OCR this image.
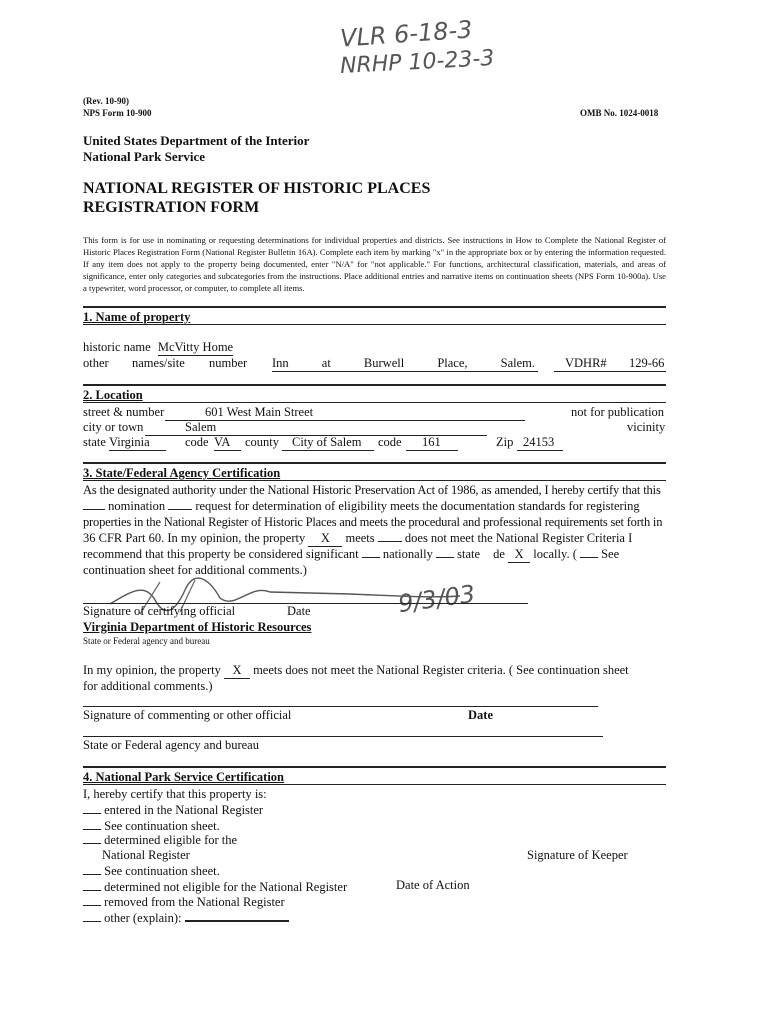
VLR 6-18-3
NRHP 10-23-3
(Rev. 10-90)
NPS Form 10-900	OMB No. 1024-0018
United States Department of the Interior
National Park Service
NATIONAL REGISTER OF HISTORIC PLACES
REGISTRATION FORM
This form is for use in nominating or requesting determinations for individual properties and districts. See instructions in How to Complete the National Register of Historic Places Registration Form (National Register Bulletin 16A). Complete each item by marking "x" in the appropriate box or by entering the information requested. If any item does not apply to the property being documented, enter "N/A" for "not applicable." For functions, architectural classification, materials, and areas of significance, enter only categories and subcategories from the instructions. Place additional entries and narrative items on continuation sheets (NPS Form 10-900a). Use a typewriter, word processor, or computer, to complete all items.
1. Name of property
historic name McVitty Home
other names/site number Inn at Burwell Place, Salem. VDHR# 129-66
2. Location
street & number	601 West Main Street	not for publication
city or town	Salem	vicinity
state Virginia	code VA	county	City of Salem	code	161	Zip 24153
3. State/Federal Agency Certification
As the designated authority under the National Historic Preservation Act of 1986, as amended, I hereby certify that this
nomination request for determination of eligibility meets the documentation standards for registering
properties in the National Register of Historic Places and meets the procedural and professional requirements set forth in
36 CFR Part 60. In my opinion, the property X meets does not meet the National Register Criteria I
recommend that this property be considered significant nationally state de X locally. ( See
continuation sheet for additional comments.)
9/3/03
Signature of certifying official	Date
Virginia Department of Historic Resources
State or Federal agency and bureau
In my opinion, the property X meets does not meet the National Register criteria. ( See continuation sheet
for additional comments.)
Signature of commenting or other official	Date
State or Federal agency and bureau
4. National Park Service Certification
I, hereby certify that this property is:
entered in the National Register
See continuation sheet.
determined eligible for the
National Register	Signature of Keeper
See continuation sheet.
determined not eligible for the National Register	Date of Action
removed from the National Register
other (explain):
